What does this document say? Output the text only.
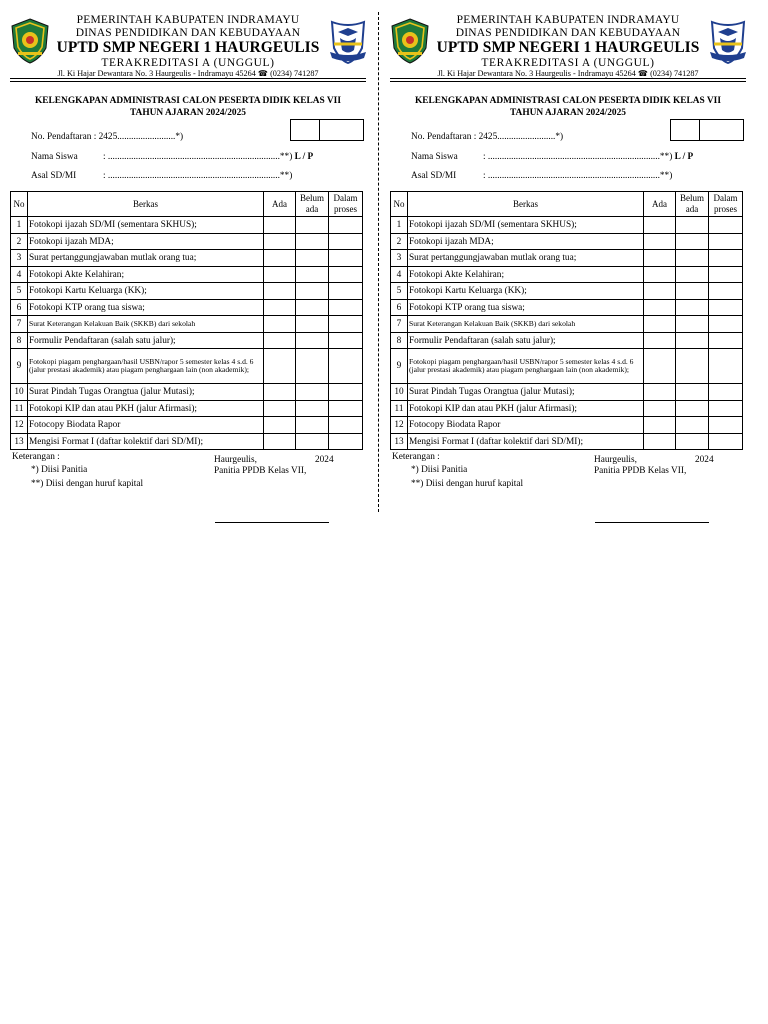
PEMERINTAH KABUPATEN INDRAMAYU
DINAS PENDIDIKAN DAN KEBUDAYAAN
UPTD SMP NEGERI 1 HAURGEULIS
TERAKREDITASI A (UNGGUL)
Jl. Ki Hajar Dewantara No. 3 Haurgeulis - Indramayu 45264 ☎ (0234) 741287
KELENGKAPAN ADMINISTRASI CALON PESERTA DIDIK KELAS VII
TAHUN AJARAN 2024/2025
No. Pendaftaran : 2425.........................*)
Nama Siswa	: ..........................................................................**) L / P
Asal SD/MI	: ..........................................................................**)
No	Berkas	Ada	Belum ada	Dalam proses
1	Fotokopi ijazah SD/MI (sementara SKHUS);			
2	Fotokopi ijazah MDA;			
3	Surat pertanggungjawaban mutlak orang tua;			
4	Fotokopi Akte Kelahiran;			
5	Fotokopi Kartu Keluarga (KK);			
6	Fotokopi KTP orang tua siswa;			
7	Surat Keterangan Kelakuan Baik (SKKB) dari sekolah			
8	Formulir Pendaftaran (salah satu jalur);			
9	Fotokopi piagam penghargaan/hasil USBN/rapor 5 semester kelas 4 s.d. 6 (jalur prestasi akademik) atau piagam penghargaan lain (non akademik);			
10	Surat Pindah Tugas Orangtua (jalur Mutasi);			
11	Fotokopi KIP dan atau PKH (jalur Afirmasi);			
12	Fotocopy Biodata Rapor			
13	Mengisi Format I (daftar kolektif dari SD/MI);			
Keterangan :
*) Diisi Panitia
**) Diisi dengan huruf kapital
Haurgeulis,	2024
Panitia PPDB Kelas VII,
PEMERINTAH KABUPATEN INDRAMAYU
DINAS PENDIDIKAN DAN KEBUDAYAAN
UPTD SMP NEGERI 1 HAURGEULIS
TERAKREDITASI A (UNGGUL)
Jl. Ki Hajar Dewantara No. 3 Haurgeulis - Indramayu 45264 ☎ (0234) 741287
KELENGKAPAN ADMINISTRASI CALON PESERTA DIDIK KELAS VII
TAHUN AJARAN 2024/2025
No. Pendaftaran : 2425.........................*)
Nama Siswa	: ..........................................................................**) L / P
Asal SD/MI	: ..........................................................................**)
No	Berkas	Ada	Belum ada	Dalam proses
1	Fotokopi ijazah SD/MI (sementara SKHUS);			
2	Fotokopi ijazah MDA;			
3	Surat pertanggungjawaban mutlak orang tua;			
4	Fotokopi Akte Kelahiran;			
5	Fotokopi Kartu Keluarga (KK);			
6	Fotokopi KTP orang tua siswa;			
7	Surat Keterangan Kelakuan Baik (SKKB) dari sekolah			
8	Formulir Pendaftaran (salah satu jalur);			
9	Fotokopi piagam penghargaan/hasil USBN/rapor 5 semester kelas 4 s.d. 6 (jalur prestasi akademik) atau piagam penghargaan lain (non akademik);			
10	Surat Pindah Tugas Orangtua (jalur Mutasi);			
11	Fotokopi KIP dan atau PKH (jalur Afirmasi);			
12	Fotocopy Biodata Rapor			
13	Mengisi Format I (daftar kolektif dari SD/MI);			
Keterangan :
*) Diisi Panitia
**) Diisi dengan huruf kapital
Haurgeulis,	2024
Panitia PPDB Kelas VII,
